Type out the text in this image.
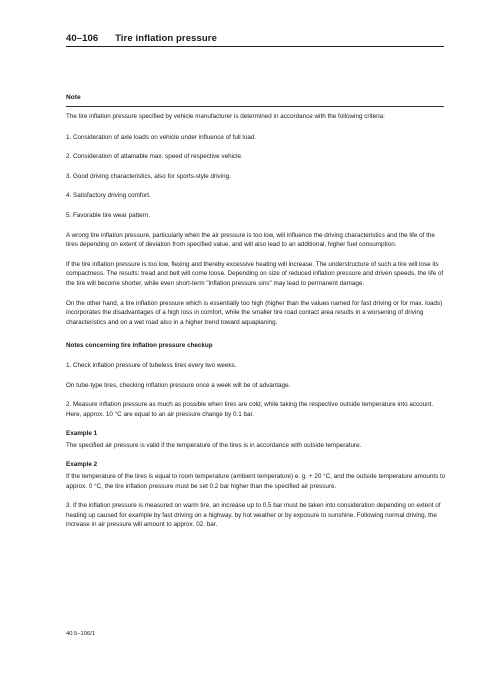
40–106 Tire inflation pressure
Note

The tire inflation pressure specified by vehicle manufacturer is determined in accordance with the following criteria:

1. Consideration of axle loads on vehicle under influence of full load.

2. Consideration of attainable max. speed of respective vehicle.

3. Good driving characteristics, also for sports-style driving.

4. Satisfactory driving comfort.

5. Favorable tire wear pattern.

A wrong tire inflation pressure, particularly when the air pressure is too low, will influence the driving characteristics and the life of the tires depending on extent of deviation from specified value, and will also lead to an additional, higher fuel consumption.

If the tire inflation pressure is too low, flexing and thereby excessive heating will increase. The understructure of such a tire will lose its compactness. The results: tread and belt will come loose. Depending on size of reduced inflation pressure and driven speeds, the life of the tire will become shorter, while even short-term "inflation pressure sins" may lead to permanent damage.

On the other hand, a tire inflation pressure which is essentially too high (higher than the values named for fast driving or for max. loads) incorporates the disadvantages of a high loss in comfort, while the smaller tire road contact area results in a worsening of driving characteristics and on a wet road also in a higher trend toward aquaplaning.

Notes concerning tire inflation pressure checkup

1. Check inflation pressure of tubeless tires every two weeks.

On tube-type tires, checking inflation pressure once a week will be of advantage.

2. Measure inflation pressure as much as possible when tires are cold, while taking the respective outside temperature into account. Here, approx. 10 °C are equal to an air pressure change by 0.1 bar.

Example 1

The specified air pressure is valid if the temperature of the tires is in accordance with outside temperature.

Example 2

If the temperature of the tires is equal to room temperature (ambient temperature) e. g. + 20 °C, and the outside temperature amounts to approx. 0 °C, the tire inflation pressure must be set 0.2 bar higher than the specified air pressure.

3. If the inflation pressure is measured on warm tire, an increase up to 0.5 bar must be taken into consideration depending on extent of heating up caused for example by fast driving on a highway, by hot weather or by exposure to sunshine. Following normal driving, the increase in air pressure will amount to approx. 02. bar.

40.5–106/1
